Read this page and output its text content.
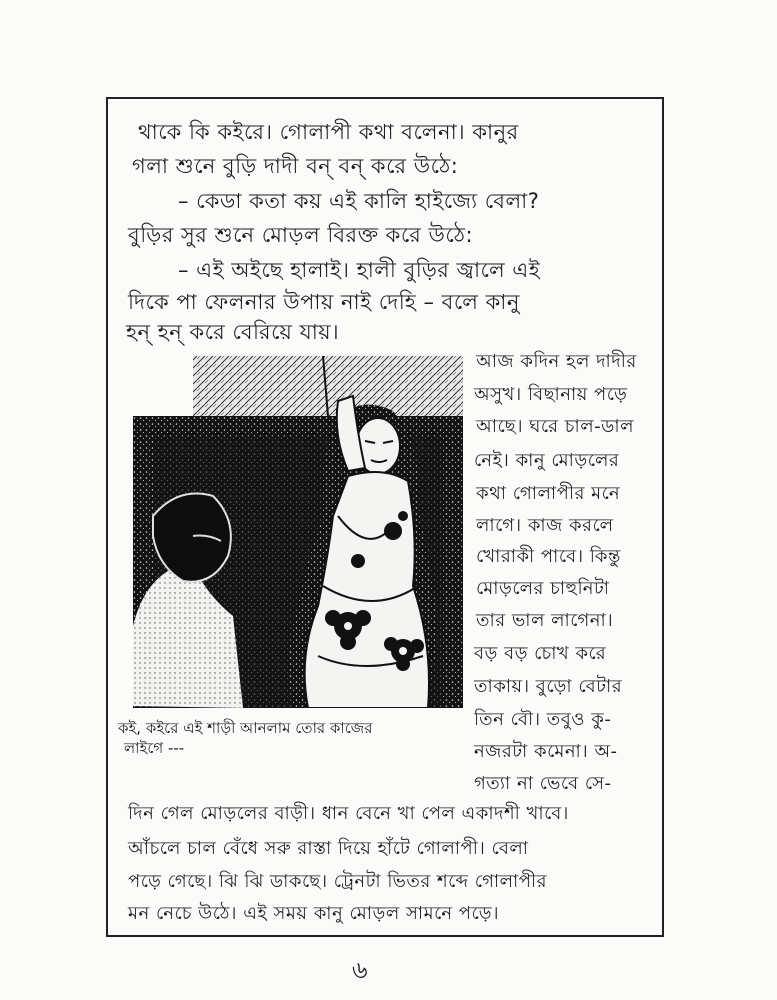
থাকে কি কইরে। গোলাপী কথা বলেনা। কানুর
গলা শুনে বুড়ি দাদী বন্ বন্ করে উঠে:
– কেডা কতা কয় এই কালি হাইজ্যে বেলা?
বুড়ির সুর শুনে মোড়ল বিরক্ত করে উঠে:
– এই অইছে হালাই। হালী বুড়ির জ্বালে এই
দিকে পা ফেলনার উপায় নাই দেহি – বলে কানু
হন্ হন্ করে বেরিয়ে যায়।
কই, কইরে এই শাড়ী আনলাম তোর কাজের
লাইগে ---
আজ কদিন হল দাদীর
অসুখ। বিছানায় পড়ে
আছে। ঘরে চাল-ডাল
নেই। কানু মোড়লের
কথা গোলাপীর মনে
লাগে। কাজ করলে
খোরাকী পাবে। কিন্তু
মোড়লের চাহুনিটা
তার ভাল লাগেনা।
বড় বড় চোখ করে
তাকায়। বুড়ো বেটার
তিন বৌ। তবুও কু-
নজরটা কমেনা। অ-
গত্যা না ভেবে সে-
দিন গেল মোড়লের বাড়ী। ধান বেনে খা পেল একাদশী খাবে।
আঁচলে চাল বেঁধে সরু রাস্তা দিয়ে হাঁটে গোলাপী। বেলা
পড়ে গেছে। ঝি ঝি ডাকছে। ট্রেনটা ভিতর শব্দে গোলাপীর
মন নেচে উঠে। এই সময় কানু মোড়ল সামনে পড়ে।
৬
